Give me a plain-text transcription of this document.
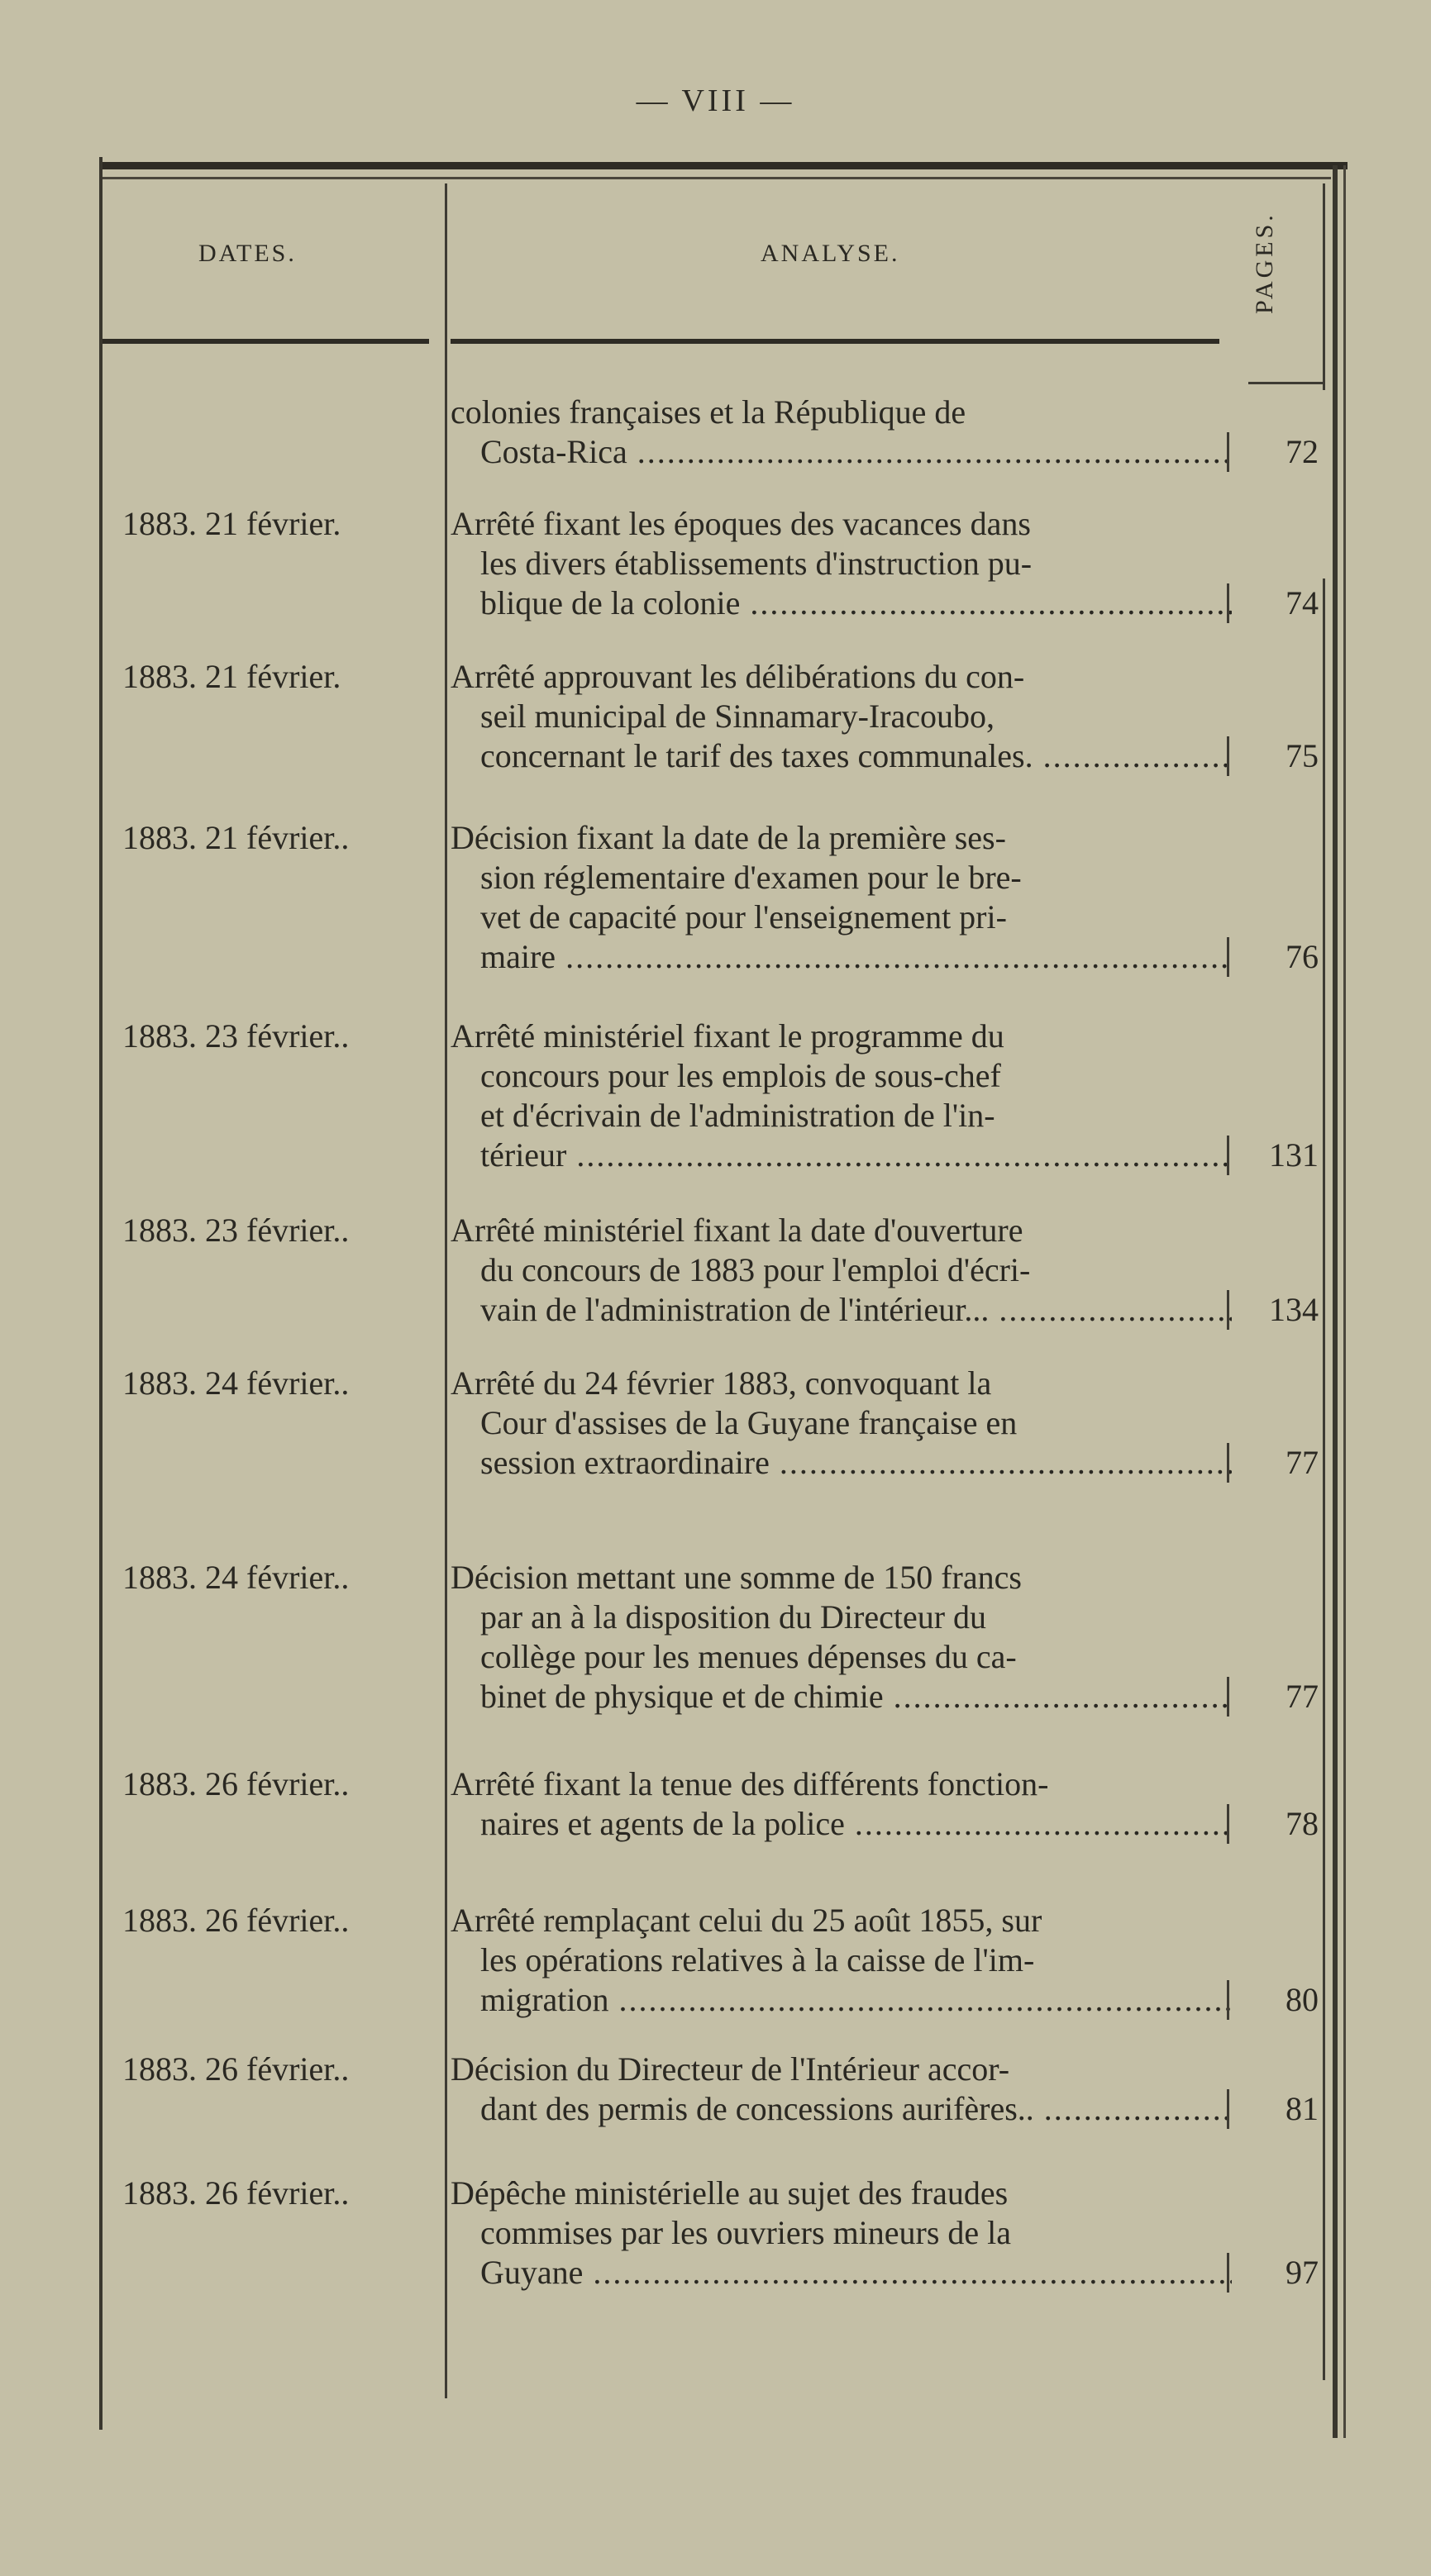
— VIII —
DATES.	ANALYSE.	PAGES.
colonies françaises et la République de
Costa-Rica .....	72
1883. 21 février.	Arrêté fixant les époques des vacances dans
les divers établissements d'instruction pu-
blique de la colonie .....	74
1883. 21 février.	Arrêté approuvant les délibérations du con-
seil municipal de Sinnamary-Iracoubo,
concernant le tarif des taxes communales. .....	75
1883. 21 février..	Décision fixant la date de la première ses-
sion réglementaire d'examen pour le bre-
vet de capacité pour l'enseignement pri-
maire .....	76
1883. 23 février..	Arrêté ministériel fixant le programme du
concours pour les emplois de sous-chef
et d'écrivain de l'administration de l'in-
térieur .....	131
1883. 23 février..	Arrêté ministériel fixant la date d'ouverture
du concours de 1883 pour l'emploi d'écri-
vain de l'administration de l'intérieur... .....	134
1883. 24 février..	Arrêté du 24 février 1883, convoquant la
Cour d'assises de la Guyane française en
session extraordinaire .....	77
1883. 24 février..	Décision mettant une somme de 150 francs
par an à la disposition du Directeur du
collège pour les menues dépenses du ca-
binet de physique et de chimie .....	77
1883. 26 février..	Arrêté fixant la tenue des différents fonction-
naires et agents de la police .....	78
1883. 26 février..	Arrêté remplaçant celui du 25 août 1855, sur
les opérations relatives à la caisse de l'im-
migration .....	80
1883. 26 février..	Décision du Directeur de l'Intérieur accor-
dant des permis de concessions aurifères.. .....	81
1883. 26 février..	Dépêche ministérielle au sujet des fraudes
commises par les ouvriers mineurs de la
Guyane .....	97
